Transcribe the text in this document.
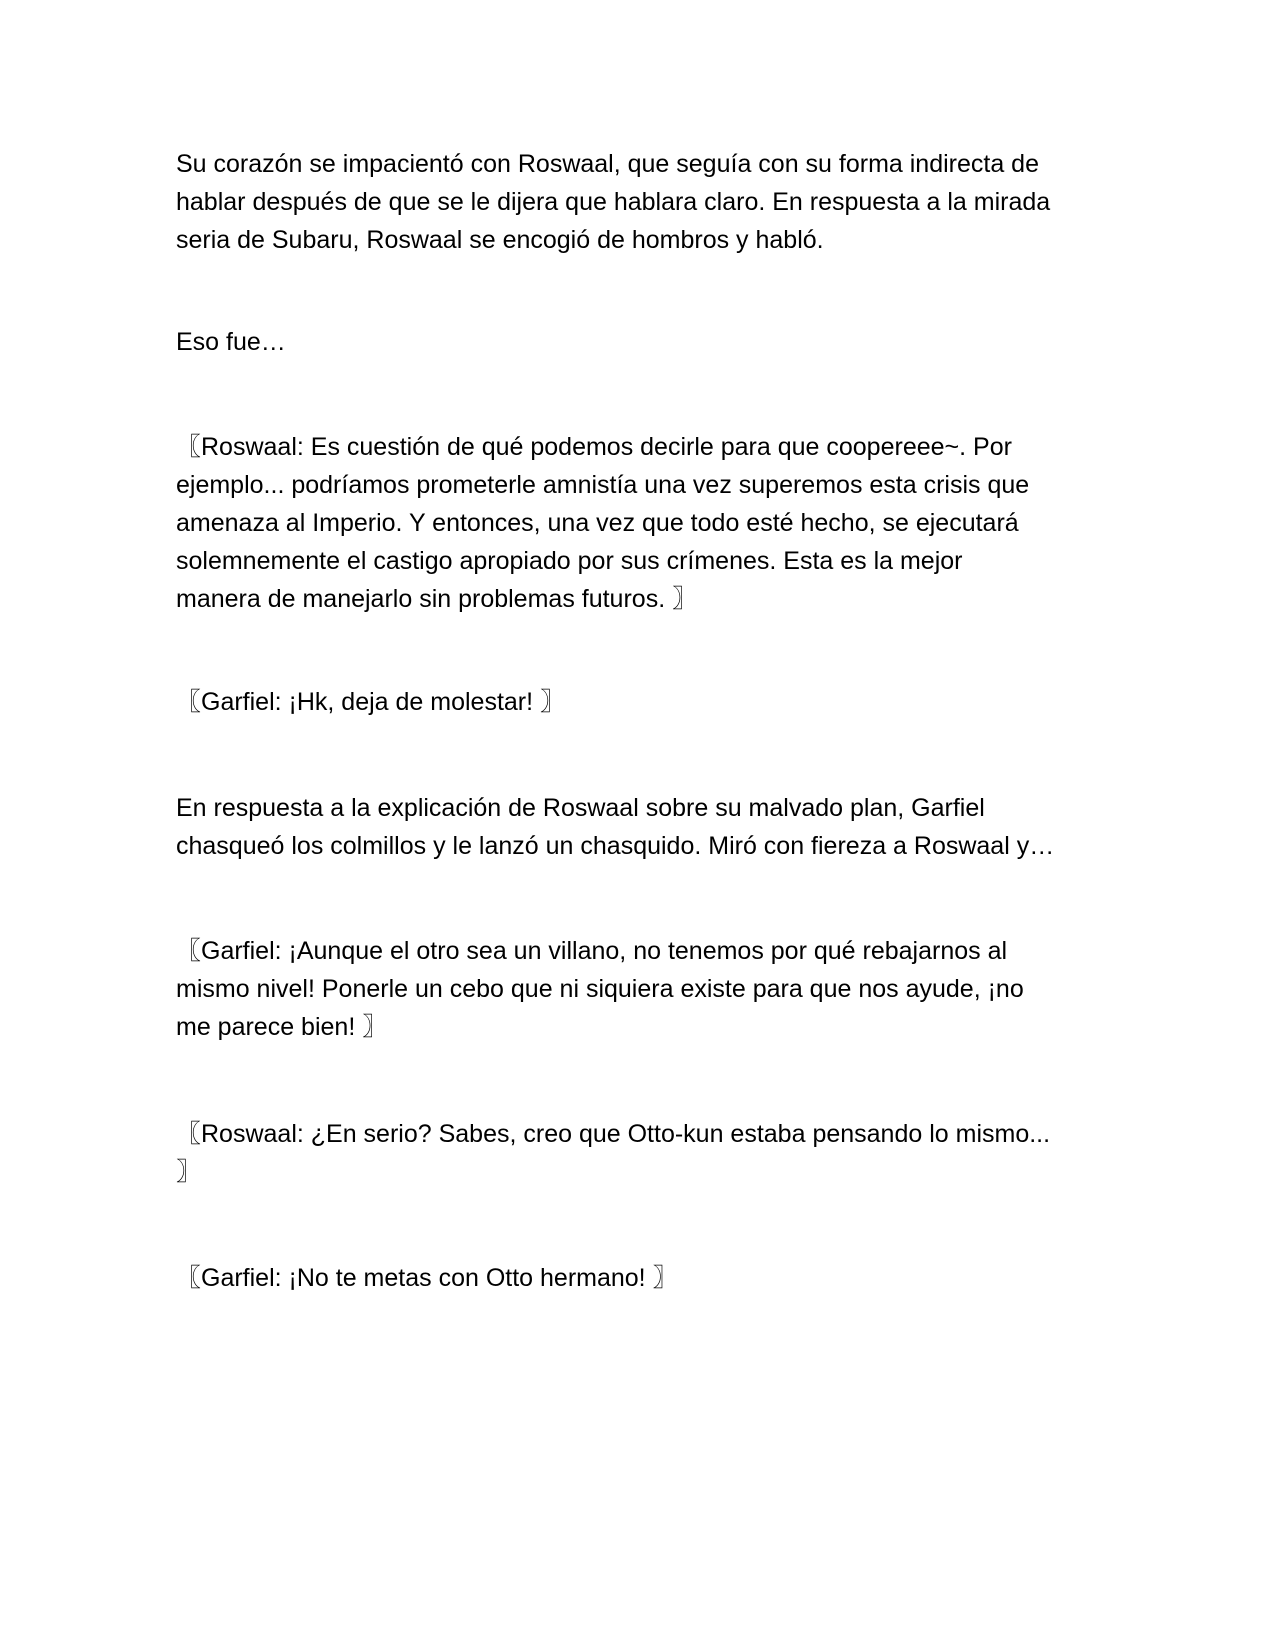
Su corazón se impacientó con Roswaal, que seguía con su forma indirecta de
hablar después de que se le dijera que hablara claro. En respuesta a la mirada
seria de Subaru, Roswaal se encogió de hombros y habló.

Eso fue…

〖Roswaal: Es cuestión de qué podemos decirle para que coopereee~. Por
ejemplo... podríamos prometerle amnistía una vez superemos esta crisis que
amenaza al Imperio. Y entonces, una vez que todo esté hecho, se ejecutará
solemnemente el castigo apropiado por sus crímenes. Esta es la mejor
manera de manejarlo sin problemas futuros. 〗

〖Garfiel: ¡Hk, deja de molestar! 〗

En respuesta a la explicación de Roswaal sobre su malvado plan, Garfiel
chasqueó los colmillos y le lanzó un chasquido. Miró con fiereza a Roswaal y…

〖Garfiel: ¡Aunque el otro sea un villano, no tenemos por qué rebajarnos al
mismo nivel! Ponerle un cebo que ni siquiera existe para que nos ayude, ¡no
me parece bien! 〗

〖Roswaal: ¿En serio? Sabes, creo que Otto-kun estaba pensando lo mismo...
〗

〖Garfiel: ¡No te metas con Otto hermano! 〗
